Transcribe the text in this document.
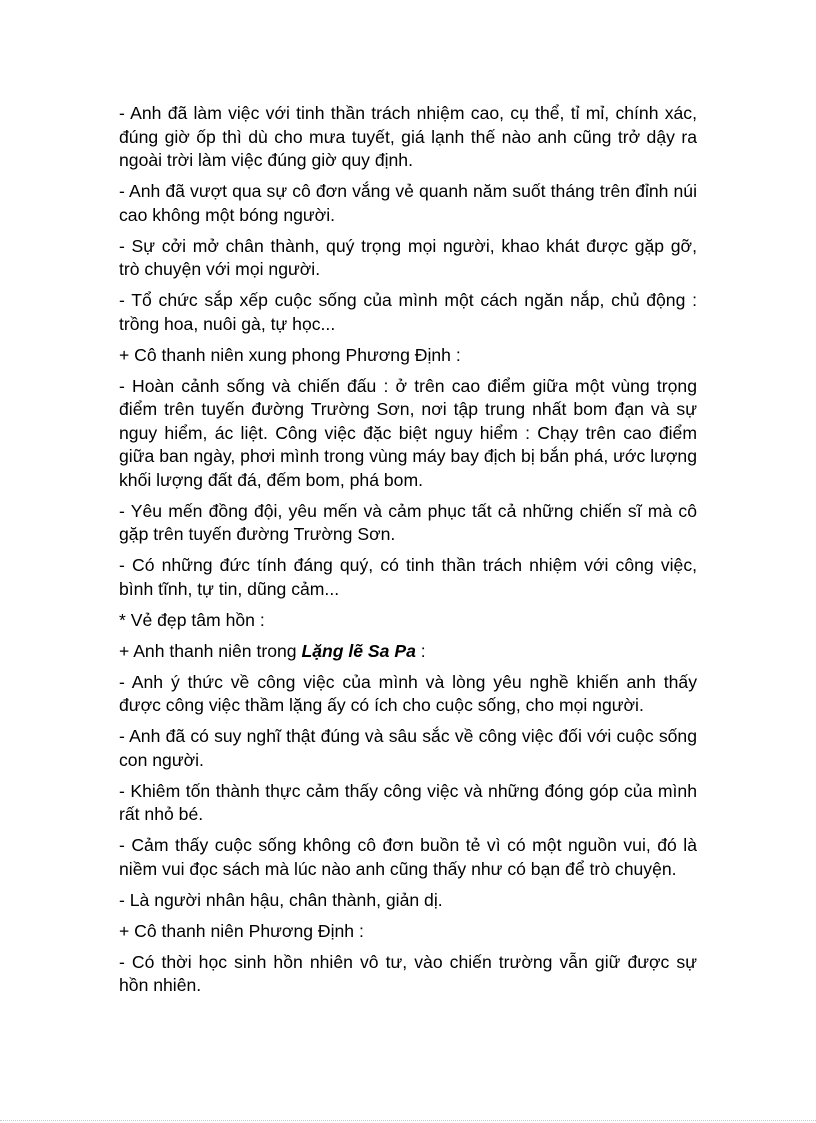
- Anh đã làm việc với tinh thần trách nhiệm cao, cụ thể, tỉ mỉ, chính xác, đúng giờ ốp thì dù cho mưa tuyết, giá lạnh thế nào anh cũng trở dậy ra ngoài trời làm việc đúng giờ quy định.

- Anh đã vượt qua sự cô đơn vắng vẻ quanh năm suốt tháng trên đỉnh núi cao không một bóng người.

- Sự cởi mở chân thành, quý trọng mọi người, khao khát được gặp gỡ, trò chuyện với mọi người.

- Tổ chức sắp xếp cuộc sống của mình một cách ngăn nắp, chủ động : trồng hoa, nuôi gà, tự học...

+ Cô thanh niên xung phong Phương Định :

- Hoàn cảnh sống và chiến đấu : ở trên cao điểm giữa một vùng trọng điểm trên tuyến đường Trường Sơn, nơi tập trung nhất bom đạn và sự nguy hiểm, ác liệt. Công việc đặc biệt nguy hiểm : Chạy trên cao điểm giữa ban ngày, phơi mình trong vùng máy bay địch bị bắn phá, ước lượng khối lượng đất đá, đếm bom, phá bom.

- Yêu mến đồng đội, yêu mến và cảm phục tất cả những chiến sĩ mà cô gặp trên tuyến đường Trường Sơn.

- Có những đức tính đáng quý, có tinh thần trách nhiệm với công việc, bình tĩnh, tự tin, dũng cảm...

* Vẻ đẹp tâm hồn :

+ Anh thanh niên trong Lặng lẽ Sa Pa :

- Anh ý thức về công việc của mình và lòng yêu nghề khiến anh thấy được công việc thầm lặng ấy có ích cho cuộc sống, cho mọi người.

- Anh đã có suy nghĩ thật đúng và sâu sắc về công việc đối với cuộc sống con người.

- Khiêm tốn thành thực cảm thấy công việc và những đóng góp của mình rất nhỏ bé.

- Cảm thấy cuộc sống không cô đơn buồn tẻ vì có một nguồn vui, đó là niềm vui đọc sách mà lúc nào anh cũng thấy như có bạn để trò chuyện.

- Là người nhân hậu, chân thành, giản dị.

+ Cô thanh niên Phương Định :

- Có thời học sinh hồn nhiên vô tư, vào chiến trường vẫn giữ được sự hồn nhiên.
